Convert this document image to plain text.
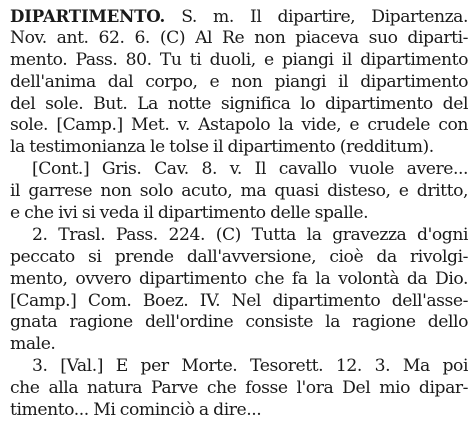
DIPARTIMENTO. S. m. Il dipartire, Dipartenza.
Nov. ant. 62. 6. (C) Al Re non piaceva suo diparti-
mento. Pass. 80. Tu ti duoli, e piangi il dipartimento
dell'anima dal corpo, e non piangi il dipartimento
del sole. But. La notte significa lo dipartimento del
sole. [Camp.] Met. v. Astapolo la vide, e crudele con
la testimonianza le tolse il dipartimento (redditum).
[Cont.] Gris. Cav. 8. v. Il cavallo vuole avere...
il garrese non solo acuto, ma quasi disteso, e dritto,
e che ivi si veda il dipartimento delle spalle.
2. Trasl. Pass. 224. (C) Tutta la gravezza d'ogni
peccato si prende dall'avversione, cioè da rivolgi-
mento, ovvero dipartimento che fa la volontà da Dio.
[Camp.] Com. Boez. IV. Nel dipartimento dell'asse-
gnata ragione dell'ordine consiste la ragione dello
male.
3. [Val.] E per Morte. Tesorett. 12. 3. Ma poi
che alla natura Parve che fosse l'ora Del mio dipar-
timento... Mi cominciò a dire...
